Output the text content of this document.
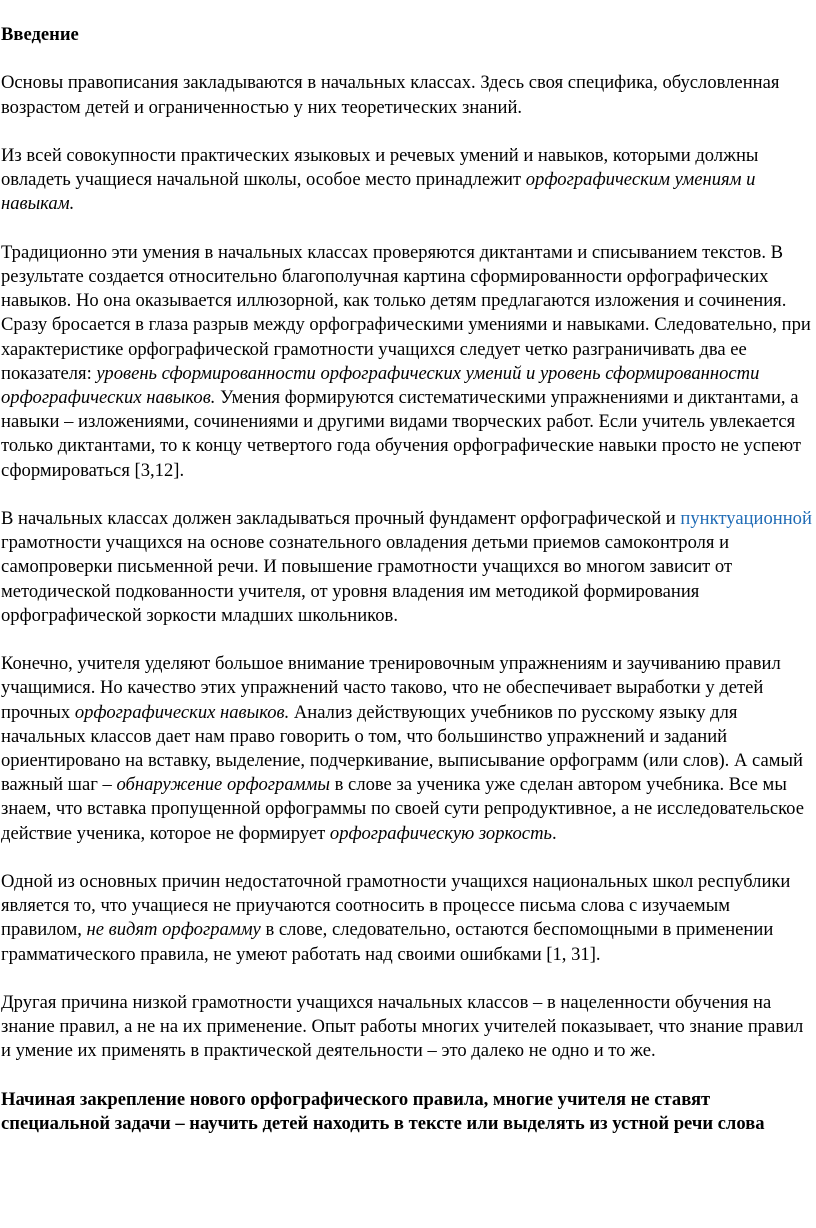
Введение

Основы правописания закладываются в начальных классах. Здесь своя специфика, обусловленная возрастом детей и ограниченностью у них теоретических знаний.

Из всей совокупности практических языковых и речевых умений и навыков, которыми должны овладеть учащиеся начальной школы, особое место принадлежит орфографическим умениям и навыкам.

Традиционно эти умения в начальных классах проверяются диктантами и списыванием текстов. В результате создается относительно благополучная картина сформированности орфографических навыков. Но она оказывается иллюзорной, как только детям предлагаются изложения и сочинения. Сразу бросается в глаза разрыв между орфографическими умениями и навыками. Следовательно, при характеристике орфографической грамотности учащихся следует четко разграничивать два ее показателя: уровень сформированности орфографических умений и уровень сформированности орфографических навыков. Умения формируются систематическими упражнениями и диктантами, а навыки – изложениями, сочинениями и другими видами творческих работ. Если учитель увлекается только диктантами, то к концу четвертого года обучения орфографические навыки просто не успеют сформироваться [3,12].

В начальных классах должен закладываться прочный фундамент орфографической и пунктуационной грамотности учащихся на основе сознательного овладения детьми приемов самоконтроля и самопроверки письменной речи. И повышение грамотности учащихся во многом зависит от методической подкованности учителя, от уровня владения им методикой формирования орфографической зоркости младших школьников.

Конечно, учителя уделяют большое внимание тренировочным упражнениям и заучиванию правил учащимися. Но качество этих упражнений часто таково, что не обеспечивает выработки у детей прочных орфографических навыков. Анализ действующих учебников по русскому языку для начальных классов дает нам право говорить о том, что большинство упражнений и заданий ориентировано на вставку, выделение, подчеркивание, выписывание орфограмм (или слов). А самый важный шаг – обнаружение орфограммы в слове за ученика уже сделан автором учебника. Все мы знаем, что вставка пропущенной орфограммы по своей сути репродуктивное, а не исследовательское действие ученика, которое не формирует орфографическую зоркость.

Одной из основных причин недостаточной грамотности учащихся национальных школ республики является то, что учащиеся не приучаются соотносить в процессе письма слова с изучаемым правилом, не видят орфограмму в слове, следовательно, остаются беспомощными в применении грамматического правила, не умеют работать над своими ошибками [1, 31].

Другая причина низкой грамотности учащихся начальных классов – в нацеленности обучения на знание правил, а не на их применение. Опыт работы многих учителей показывает, что знание правил и умение их применять в практической деятельности – это далеко не одно и то же.

Начиная закрепление нового орфографического правила, многие учителя не ставят специальной задачи – научить детей находить в тексте или выделять из устной речи слова
